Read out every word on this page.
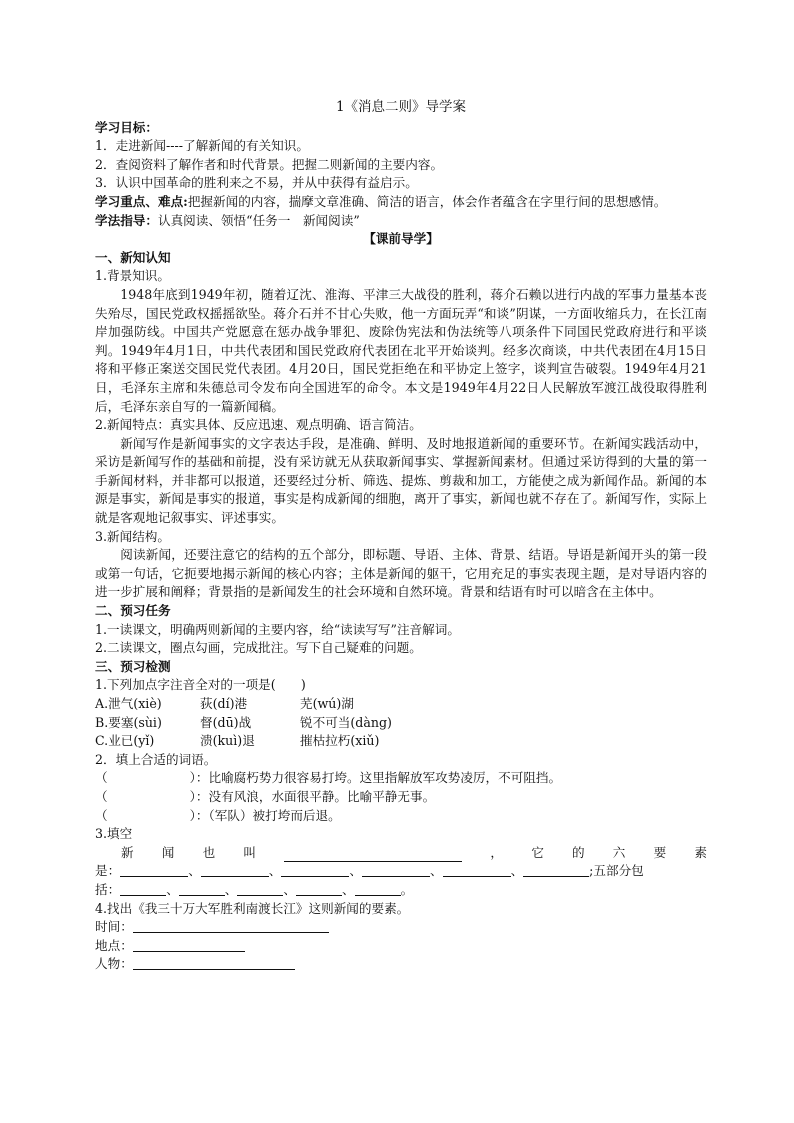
1《消息二则》导学案
学习目标：
1．走进新闻----了解新闻的有关知识。
2．查阅资料了解作者和时代背景。把握二则新闻的主要内容。
3．认识中国革命的胜利来之不易，并从中获得有益启示。
学习重点、难点:把握新闻的内容，揣摩文章准确、简洁的语言，体会作者蕴含在字里行间的思想感情。
学法指导：认真阅读、领悟“任务一　新闻阅读”
【课前导学】
一、新知认知
1.背景知识。
1948年底到1949年初，随着辽沈、淮海、平津三大战役的胜利，蒋介石赖以进行内战的军事力量基本丧失殆尽，国民党政权摇摇欲坠。蒋介石并不甘心失败，他一方面玩弄“和谈”阴谋，一方面收缩兵力，在长江南岸加强防线。中国共产党愿意在惩办战争罪犯、废除伪宪法和伪法统等八项条件下同国民党政府进行和平谈判。1949年4月1日，中共代表团和国民党政府代表团在北平开始谈判。经多次商谈，中共代表团在4月15日将和平修正案送交国民党代表团。4月20日，国民党拒绝在和平协定上签字，谈判宣告破裂。1949年4月21日，毛泽东主席和朱德总司令发布向全国进军的命令。本文是1949年4月22日人民解放军渡江战役取得胜利后，毛泽东亲自写的一篇新闻稿。
2.新闻特点：真实具体、反应迅速、观点明确、语言简洁。
新闻写作是新闻事实的文字表达手段，是准确、鲜明、及时地报道新闻的重要环节。在新闻实践活动中，采访是新闻写作的基础和前提，没有采访就无从获取新闻事实、掌握新闻素材。但通过采访得到的大量的第一手新闻材料，并非都可以报道，还要经过分析、筛选、提炼、剪裁和加工，方能使之成为新闻作品。新闻的本源是事实，新闻是事实的报道，事实是构成新闻的细胞，离开了事实，新闻也就不存在了。新闻写作，实际上就是客观地记叙事实、评述事实。
3.新闻结构。
阅读新闻，还要注意它的结构的五个部分，即标题、导语、主体、背景、结语。导语是新闻开头的第一段或第一句话，它扼要地揭示新闻的核心内容；主体是新闻的躯干，它用充足的事实表现主题，是对导语内容的进一步扩展和阐释；背景指的是新闻发生的社会环境和自然环境。背景和结语有时可以暗含在主体中。
二、预习任务
1.一读课文，明确两则新闻的主要内容，给“读读写写”注音解词。
2.二读课文，圈点勾画，完成批注。写下自己疑难的问题。
三、预习检测
1.下列加点字注音全对的一项是(　　)
A.泄气(xiè)	荻(dí)港	芜(wú)湖
B.要塞(sùi)	督(dū)战	锐不可当(dàng)
C.业已(yǐ)	溃(kuì)退	摧枯拉朽(xiǔ)
2．填上合适的词语。
（	）：比喻腐朽势力很容易打垮。这里指解放军攻势凌厉，不可阻挡。
（	）：没有风浪，水面很平静。比喻平静无事。
（	）：（军队）被打垮而后退。
3.填空
新 闻 也 叫	， 它 的 六 要 素
是：	、	、	、	、	、	;五部分包
括：	、	、	、	、	。
4.找出《我三十万大军胜利南渡长江》这则新闻的要素。
时间：
地点：
人物：
